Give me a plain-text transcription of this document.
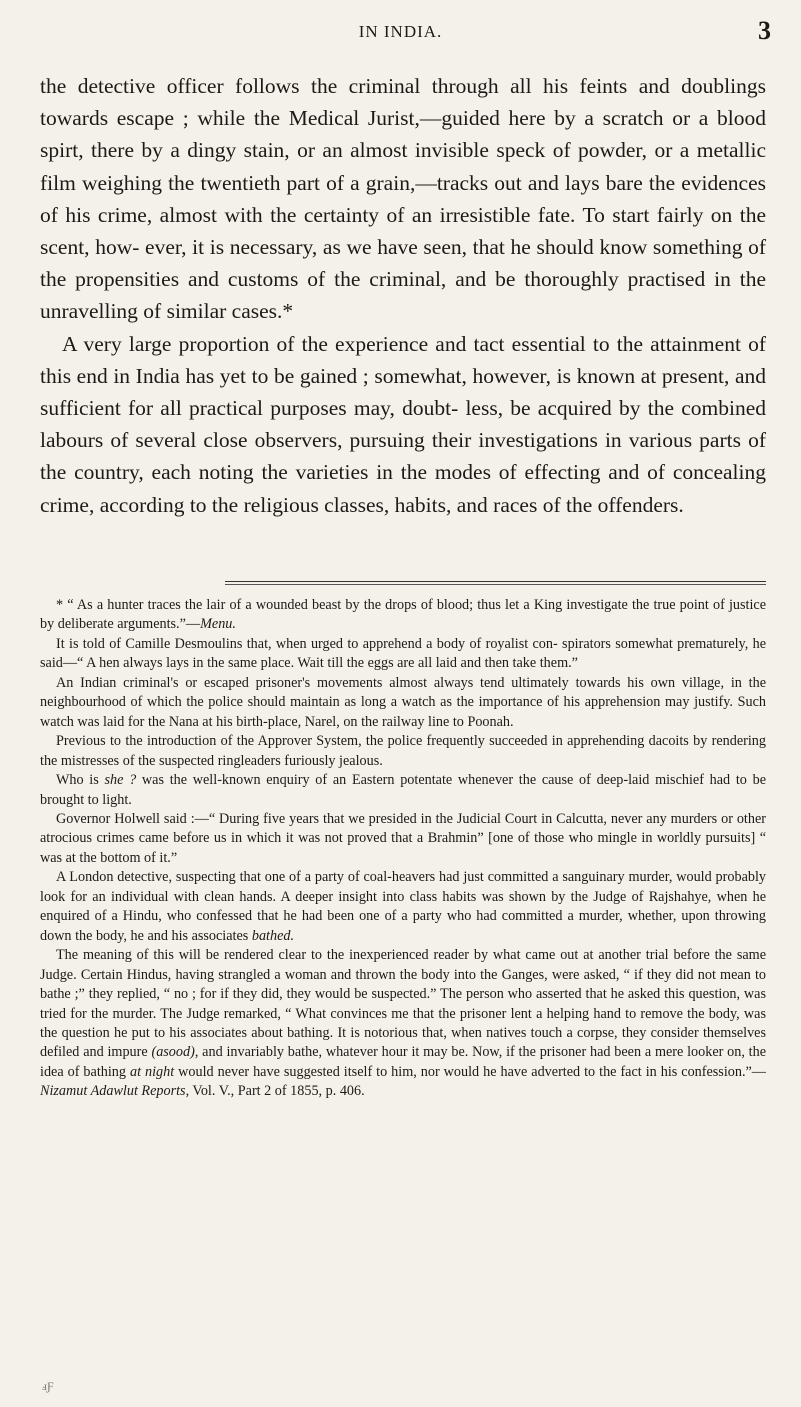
IN INDIA.	3

the detective officer follows the criminal through all his feints and doublings towards escape ; while the Medical Jurist,—guided here by a scratch or a blood spirt, there by a dingy stain, or an almost invisible speck of powder, or a metallic film weighing the twentieth part of a grain,—tracks out and lays bare the evidences of his crime, almost with the certainty of an irresistible fate. To start fairly on the scent, how- ever, it is necessary, as we have seen, that he should know something of the propensities and customs of the criminal, and be thoroughly practised in the unravelling of similar cases.*

A very large proportion of the experience and tact essential to the attainment of this end in India has yet to be gained ; somewhat, however, is known at present, and sufficient for all practical purposes may, doubt- less, be acquired by the combined labours of several close observers, pursuing their investigations in various parts of the country, each noting the varieties in the modes of effecting and of concealing crime, according to the religious classes, habits, and races of the offenders.

* “ As a hunter traces the lair of a wounded beast by the drops of blood; thus let a King investigate the true point of justice by deliberate arguments.”—Menu.

It is told of Camille Desmoulins that, when urged to apprehend a body of royalist con- spirators somewhat prematurely, he said—“ A hen always lays in the same place. Wait till the eggs are all laid and then take them.”

An Indian criminal's or escaped prisoner's movements almost always tend ultimately towards his own village, in the neighbourhood of which the police should maintain as long a watch as the importance of his apprehension may justify. Such watch was laid for the Nana at his birth-place, Narel, on the railway line to Poonah.

Previous to the introduction of the Approver System, the police frequently succeeded in apprehending dacoits by rendering the mistresses of the suspected ringleaders furiously jealous.

Who is she ? was the well-known enquiry of an Eastern potentate whenever the cause of deep-laid mischief had to be brought to light.

Governor Holwell said :—“ During five years that we presided in the Judicial Court in Calcutta, never any murders or other atrocious crimes came before us in which it was not proved that a Brahmin” [one of those who mingle in worldly pursuits] “ was at the bottom of it.”

A London detective, suspecting that one of a party of coal-heavers had just committed a sanguinary murder, would probably look for an individual with clean hands. A deeper insight into class habits was shown by the Judge of Rajshahye, when he enquired of a Hindu, who confessed that he had been one of a party who had committed a murder, whether, upon throwing down the body, he and his associates bathed.

The meaning of this will be rendered clear to the inexperienced reader by what came out at another trial before the same Judge. Certain Hindus, having strangled a woman and thrown the body into the Ganges, were asked, “ if they did not mean to bathe ;” they replied, “ no ; for if they did, they would be suspected.” The person who asserted that he asked this question, was tried for the murder. The Judge remarked, “ What convinces me that the prisoner lent a helping hand to remove the body, was the question he put to his associates about bathing. It is notorious that, when natives touch a corpse, they consider themselves defiled and impure (asood), and invariably bathe, whatever hour it may be. Now, if the prisoner had been a mere looker on, the idea of bathing at night would never have suggested itself to him, nor would he have adverted to the fact in his confession.”—Nizamut Adawlut Reports, Vol. V., Part 2 of 1855, p. 406.

ⅎƑ
